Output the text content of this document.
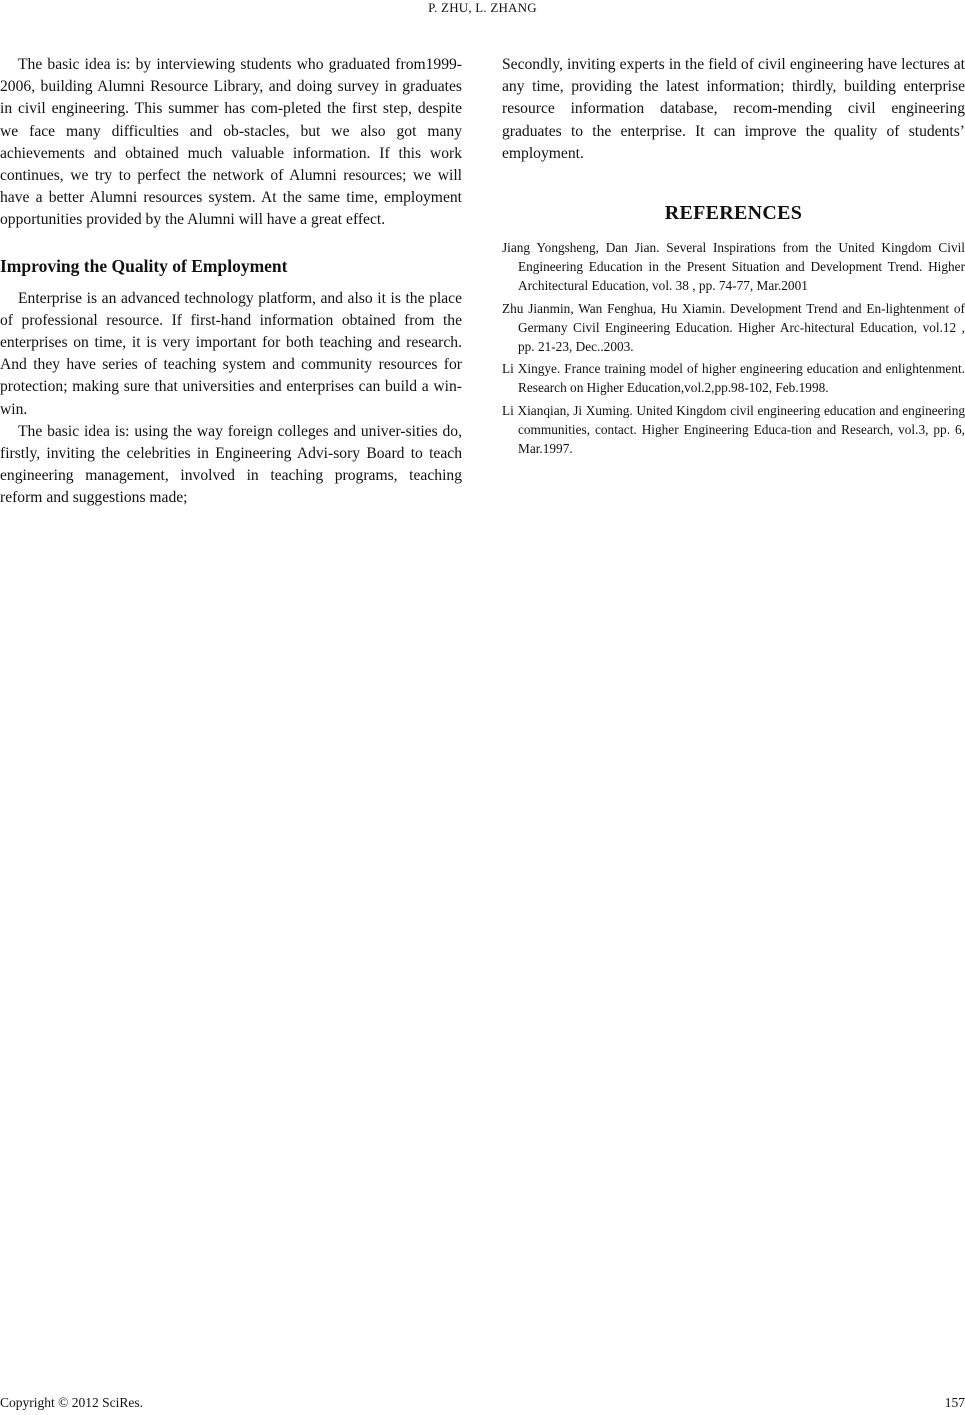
P. ZHU, L. ZHANG

The basic idea is: by interviewing students who graduated from1999-2006, building Alumni Resource Library, and doing survey in graduates in civil engineering. This summer has com-pleted the first step, despite we face many difficulties and ob-stacles, but we also got many achievements and obtained much valuable information. If this work continues, we try to perfect the network of Alumni resources; we will have a better Alumni resources system. At the same time, employment opportunities provided by the Alumni will have a great effect.

Improving the Quality of Employment

Enterprise is an advanced technology platform, and also it is the place of professional resource. If first-hand information obtained from the enterprises on time, it is very important for both teaching and research. And they have series of teaching system and community resources for protection; making sure that universities and enterprises can build a win-win.

The basic idea is: using the way foreign colleges and univer-sities do, firstly, inviting the celebrities in Engineering Advi-sory Board to teach engineering management, involved in teaching programs, teaching reform and suggestions made;

Secondly, inviting experts in the field of civil engineering have lectures at any time, providing the latest information; thirdly, building enterprise resource information database, recom-mending civil engineering graduates to the enterprise. It can improve the quality of students’ employment.

REFERENCES
Jiang Yongsheng, Dan Jian. Several Inspirations from the United Kingdom Civil Engineering Education in the Present Situation and Development Trend. Higher Architectural Education, vol. 38 , pp. 74-77, Mar.2001
Zhu Jianmin, Wan Fenghua, Hu Xiamin. Development Trend and En-lightenment of Germany Civil Engineering Education. Higher Arc-hitectural Education, vol.12 , pp. 21-23, Dec..2003.
Li Xingye. France training model of higher engineering education and enlightenment. Research on Higher Education,vol.2,pp.98-102, Feb.1998.
Li Xianqian, Ji Xuming. United Kingdom civil engineering education and engineering communities, contact. Higher Engineering Educa-tion and Research, vol.3, pp. 6, Mar.1997.
Copyright © 2012 SciRes.	157
